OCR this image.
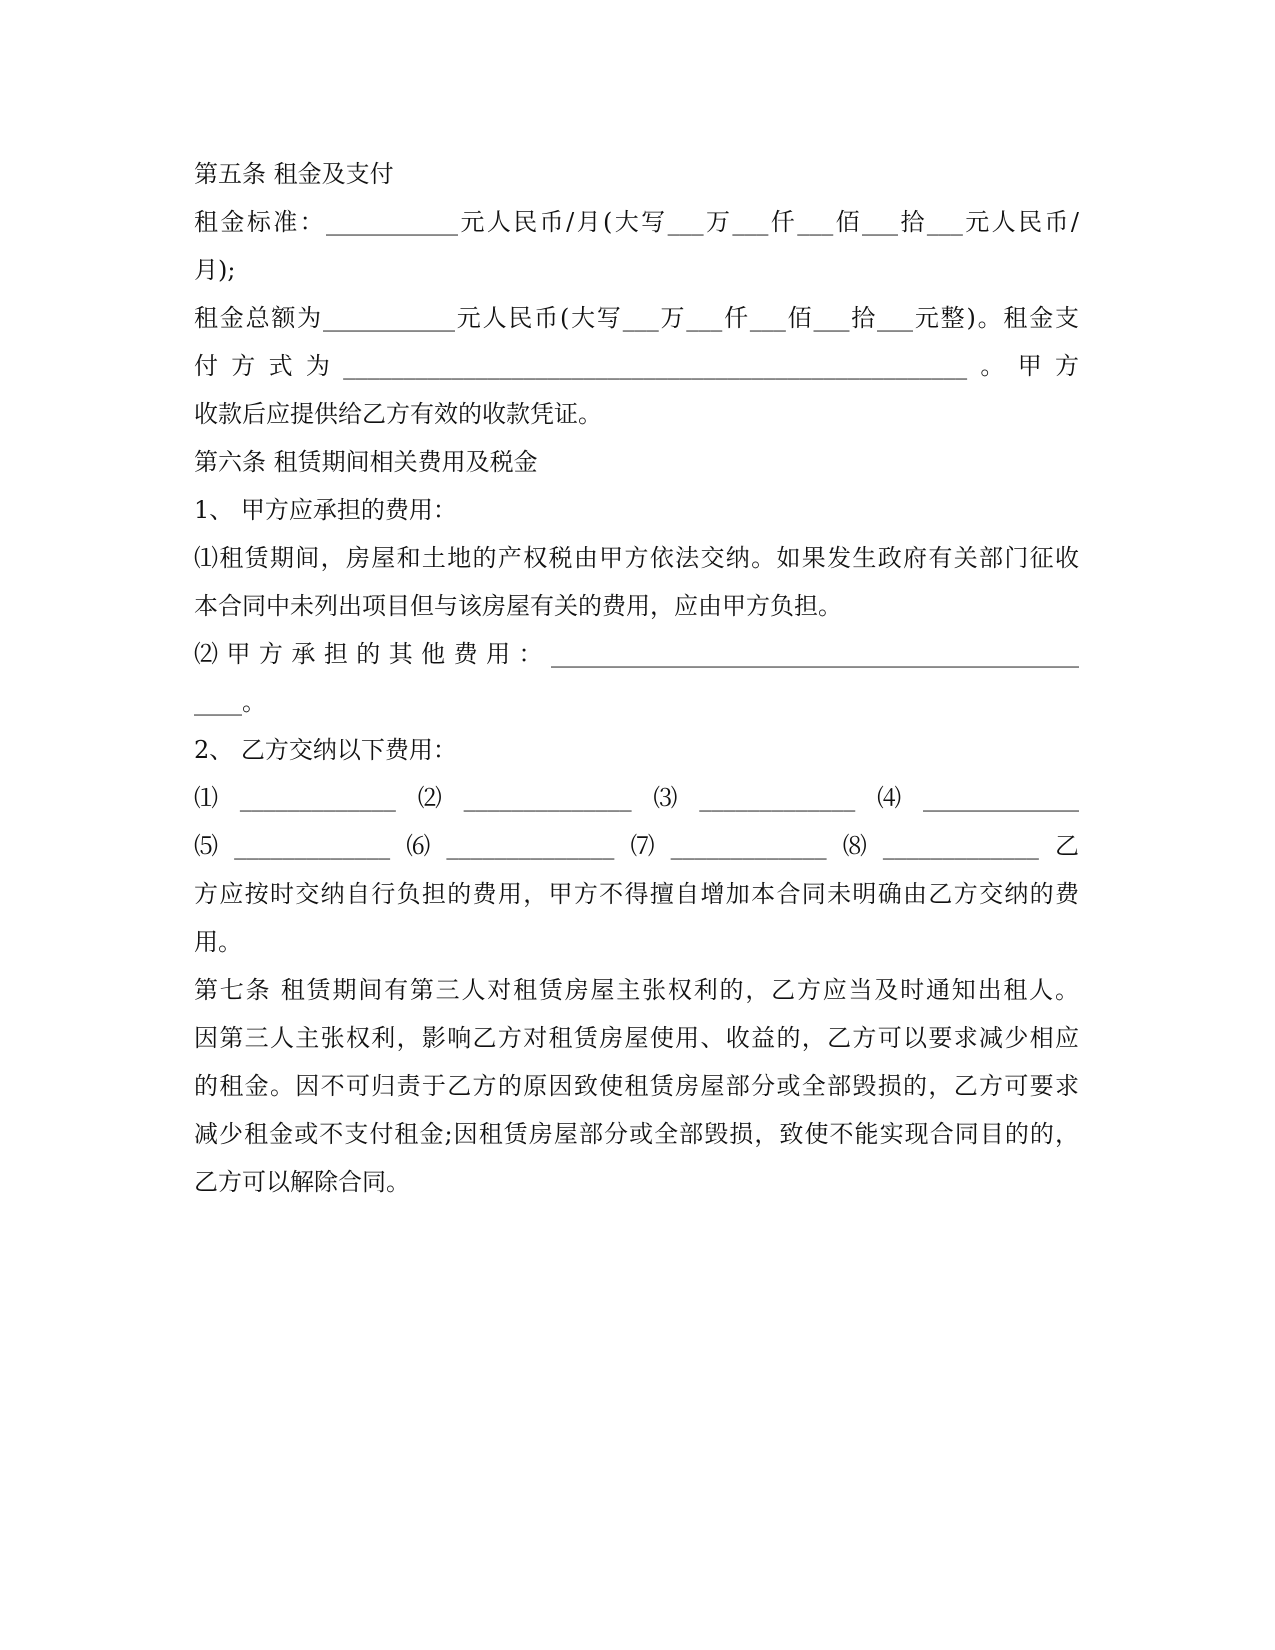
第五条 租金及支付
租金标准：___________元人民币/月(大写___万___仟___佰___拾___元人民币/
月);
租金总额为___________元人民币(大写___万___仟___佰___拾___元整)。租金支
付方式为____________________________________________________。甲方
收款后应提供给乙方有效的收款凭证。
第六条 租赁期间相关费用及税金
1、 甲方应承担的费用：
⑴租赁期间，房屋和土地的产权税由甲方依法交纳。如果发生政府有关部门征收
本合同中未列出项目但与该房屋有关的费用，应由甲方负担。
⑵甲方承担的其他费用：____________________________________________
____。
2、 乙方交纳以下费用：
⑴_____________⑵______________⑶_____________⑷_____________
⑸_____________⑹______________⑺_____________⑻_____________乙
方应按时交纳自行负担的费用，甲方不得擅自增加本合同未明确由乙方交纳的费
用。
第七条 租赁期间有第三人对租赁房屋主张权利的，乙方应当及时通知出租人。
因第三人主张权利，影响乙方对租赁房屋使用、收益的，乙方可以要求减少相应
的租金。因不可归责于乙方的原因致使租赁房屋部分或全部毁损的，乙方可要求
减少租金或不支付租金;因租赁房屋部分或全部毁损，致使不能实现合同目的的，
乙方可以解除合同。
